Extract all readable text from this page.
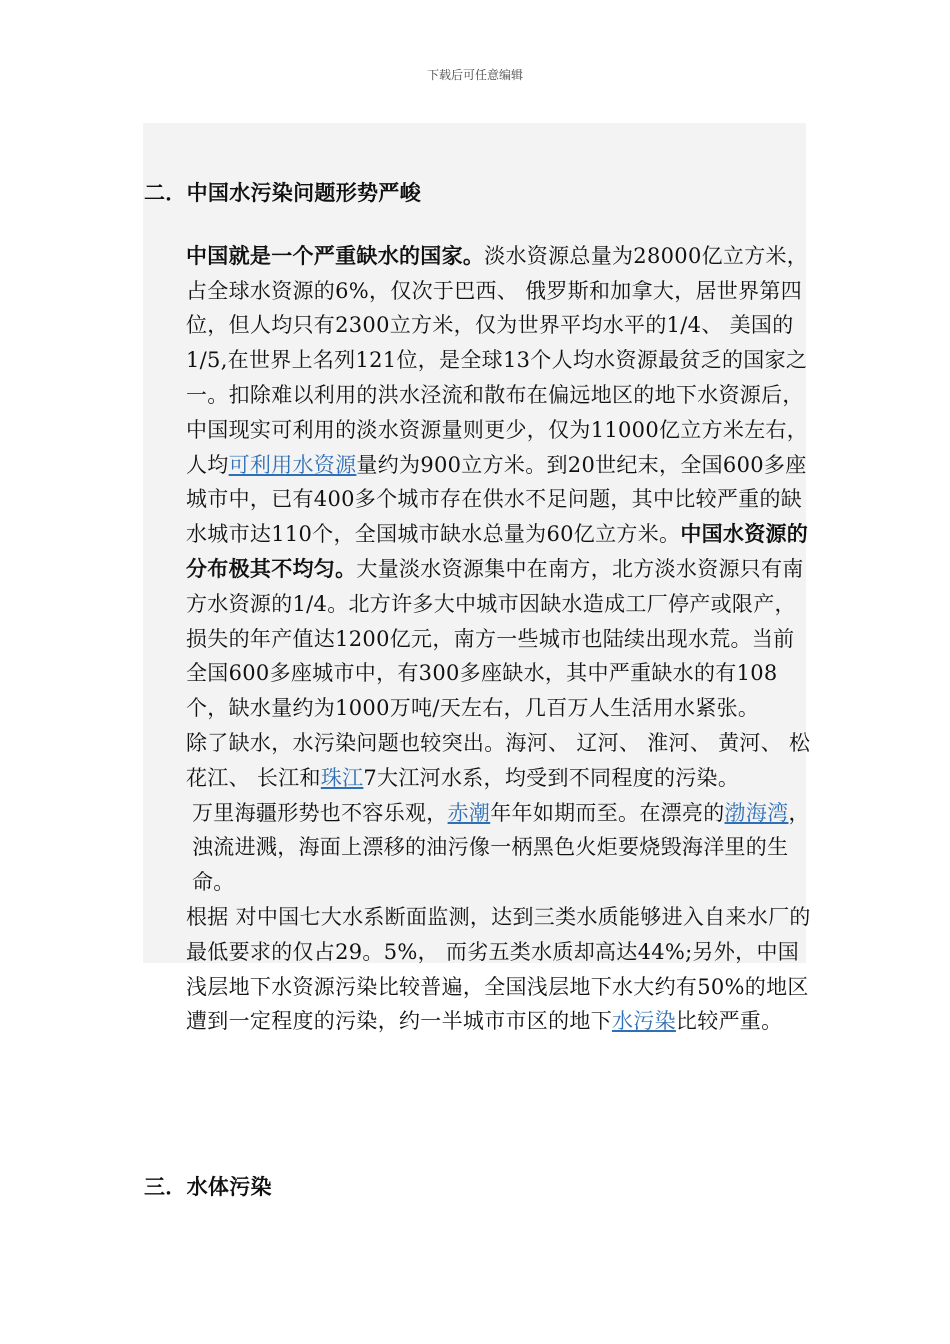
下载后可任意编辑
二．中国水污染问题形势严峻

中国就是一个严重缺水的国家。淡水资源总量为28000亿立方米，占全球水资源的6%，仅次于巴西、 俄罗斯和加拿大，居世界第四位，但人均只有2300立方米，仅为世界平均水平的1/4、 美国的1/5,在世界上名列121位，是全球13个人均水资源最贫乏的国家之一。扣除难以利用的洪水泾流和散布在偏远地区的地下水资源后，中国现实可利用的淡水资源量则更少，仅为11000亿立方米左右，人均可利用水资源量约为900立方米。到20世纪末，全国600多座城市中，已有400多个城市存在供水不足问题，其中比较严重的缺水城市达110个，全国城市缺水总量为60亿立方米。中国水资源的分布极其不均匀。大量淡水资源集中在南方，北方淡水资源只有南方水资源的1/4。北方许多大中城市因缺水造成工厂停产或限产，损失的年产值达1200亿元，南方一些城市也陆续出现水荒。当前全国600多座城市中，有300多座缺水，其中严重缺水的有108个，缺水量约为1000万吨/天左右，几百万人生活用水紧张。

除了缺水，水污染问题也较突出。海河、 辽河、 淮河、 黄河、 松花江、 长江和珠江7大江河水系，均受到不同程度的污染。

万里海疆形势也不容乐观，赤潮年年如期而至。在漂亮的渤海湾，浊流进溅，海面上漂移的油污像一柄黑色火炬要烧毁海洋里的生命。

根据 对中国七大水系断面监测，达到三类水质能够进入自来水厂的最低要求的仅占29。5%， 而劣五类水质却高达44%;另外，中国浅层地下水资源污染比较普遍，全国浅层地下水大约有50%的地区遭到一定程度的污染，约一半城市市区的地下水污染比较严重。

三．水体污染
